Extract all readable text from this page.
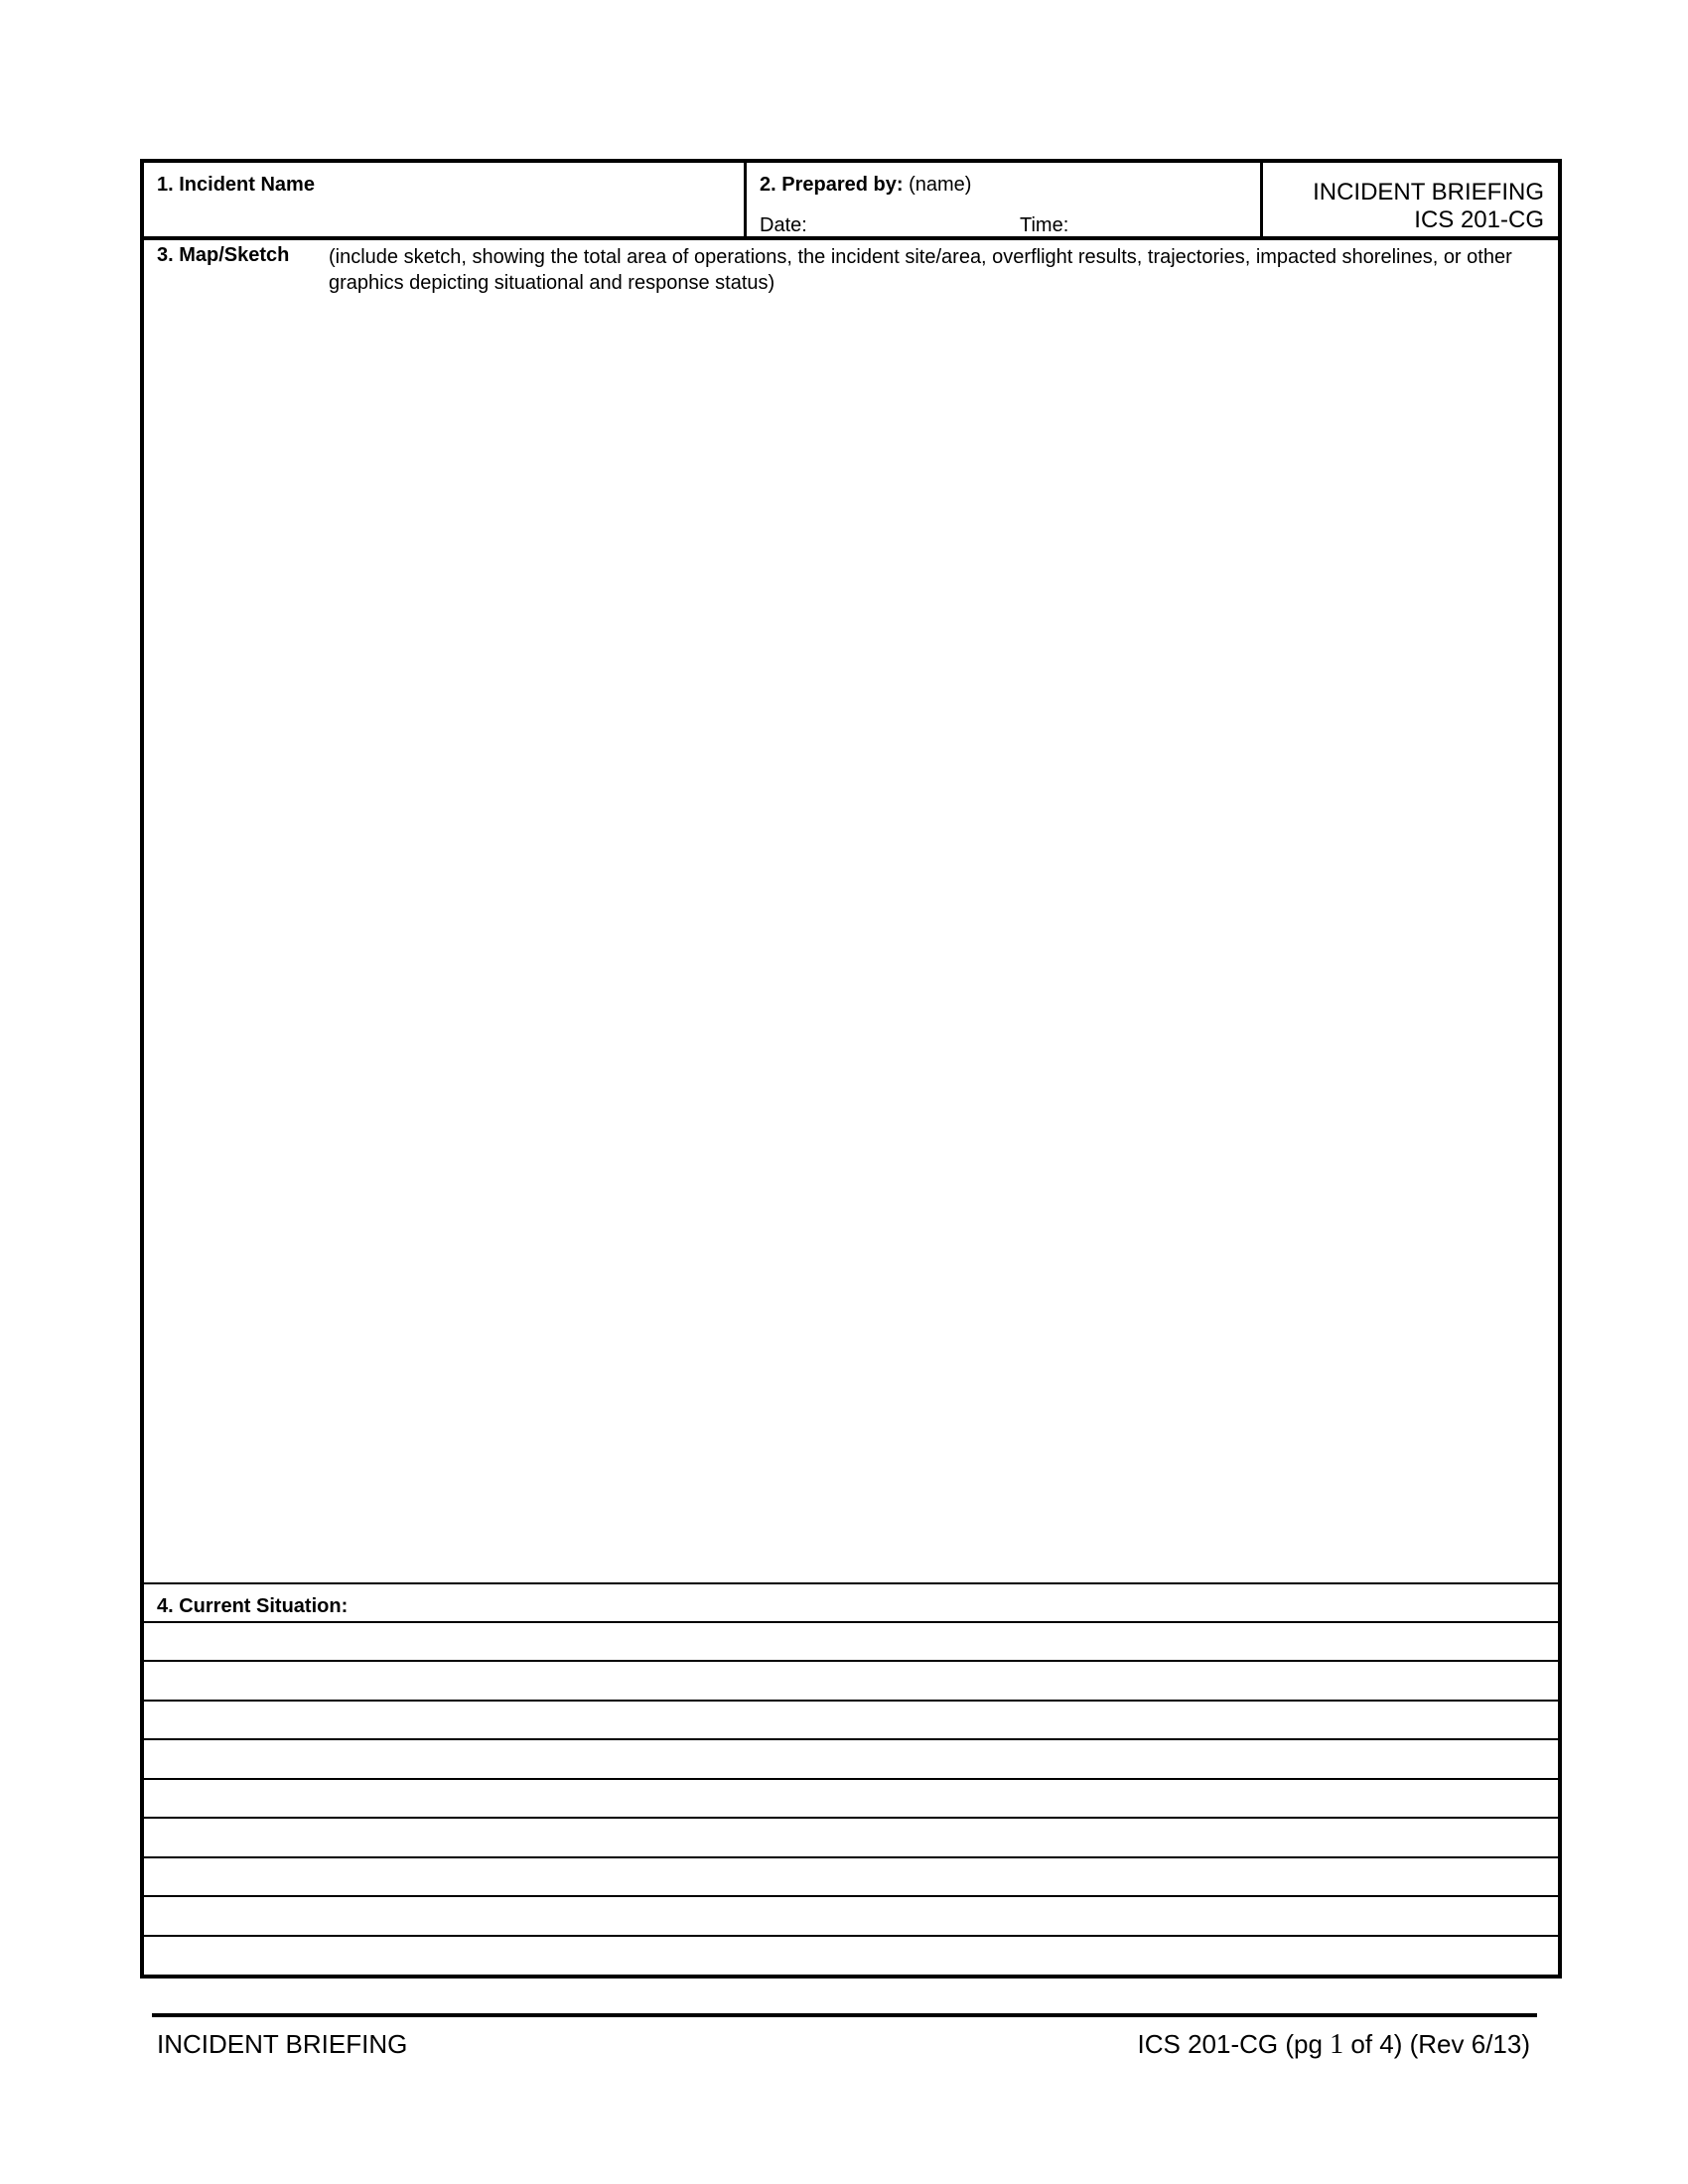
1. Incident Name	2. Prepared by: (name)
Date:	Time:
INCIDENT BRIEFING
ICS 201-CG
3. Map/Sketch (include sketch, showing the total area of operations, the incident site/area, overflight results, trajectories, impacted shorelines, or other graphics depicting situational and response status)
4. Current Situation:
INCIDENT BRIEFING	ICS 201-CG (pg 1 of 4) (Rev 6/13)
